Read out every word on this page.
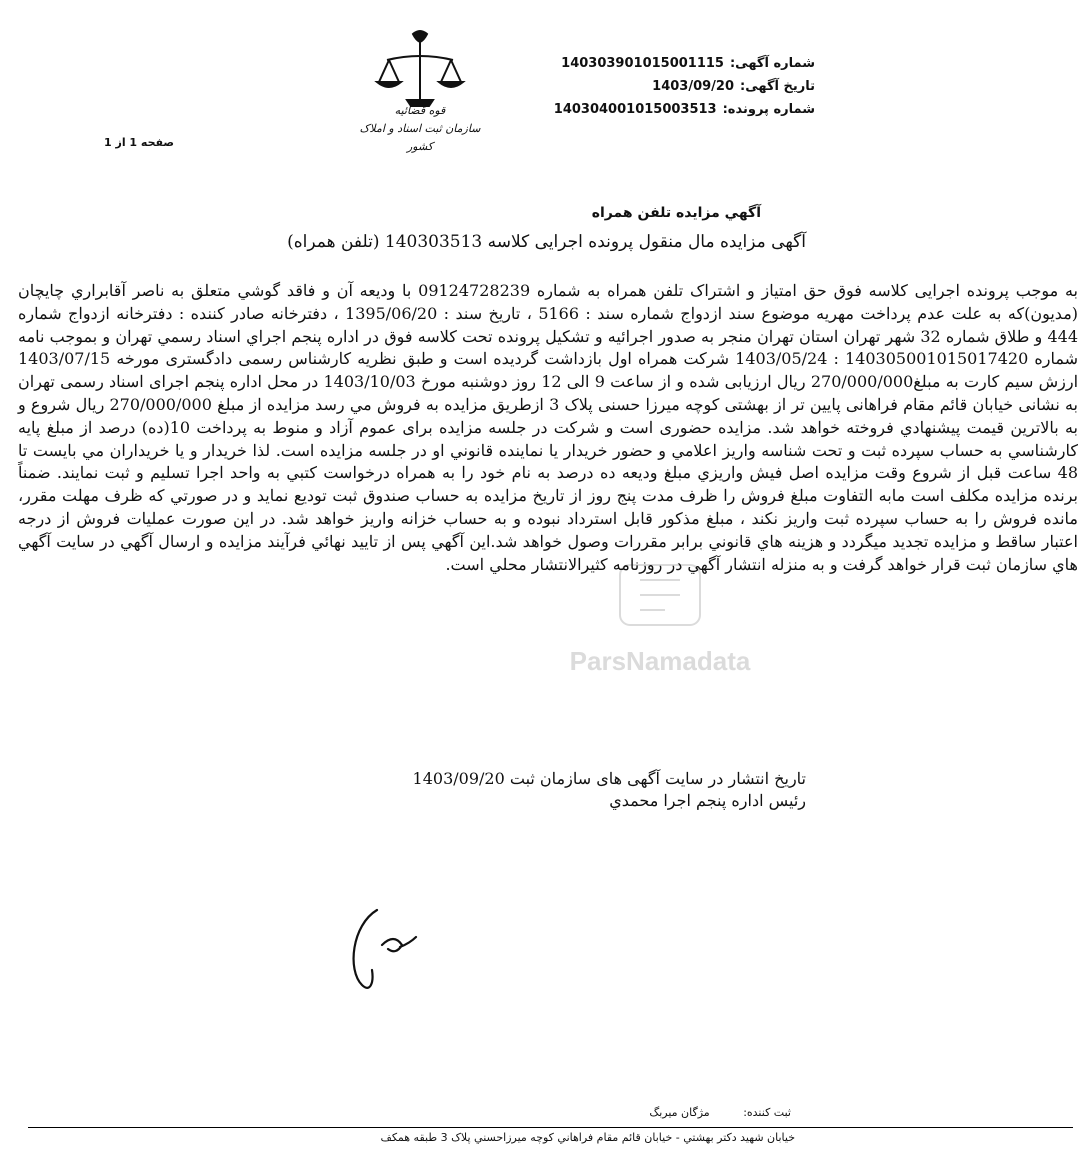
شماره آگهی:140303901015001115
تاریخ آگهی:1403/09/20
شماره پرونده:140304001015003513
قوه قضائیه
سازمان ثبت اسناد و املاک کشور
صفحه 1 از 1
آگهي مزايده تلفن همراه
آگهی مزایده مال منقول پرونده اجرایی کلاسه 140303513 (تلفن همراه)
ParsNamadata
به موجب پرونده اجرايی کلاسه فوق حق امتياز و اشتراک تلفن همراه به شماره 09124728239 با وديعه آن و فاقد گوشي متعلق به ناصر آقابراري چايچان (مديون)که به علت عدم پرداخت مهريه موضوع سند ازدواج شماره سند : 5166 ، تاريخ سند : 1395/06/20 ، دفترخانه صادر کننده : دفترخانه ازدواج شماره 444 و طلاق شماره 32 شهر تهران استان تهران منجر به صدور اجرائيه و تشکيل پرونده تحت کلاسه فوق در اداره پنجم اجراي اسناد رسمي تهران و بموجب نامه شماره 140305001015017420 : 1403/05/24 شرکت همراه اول بازداشت گرديده است و طبق نظريه کارشناس رسمی دادگستری مورخه 1403/07/15 ارزش سيم کارت به مبلغ270/000/000 ريال ارزيابی شده و از ساعت 9 الی 12 روز دوشنبه مورخ 1403/10/03 در محل اداره پنجم اجرای اسناد رسمی تهران به نشانی خيابان قائم مقام فراهانی پايين تر از بهشتی کوچه ميرزا حسنی پلاک 3 ازطريق مزايده به فروش مي رسد مزايده از مبلغ 270/000/000 ريال شروع و به بالاترين قيمت پيشنهادي فروخته خواهد شد. مزايده حضوری است و شرکت در جلسه مزايده برای عموم آزاد و منوط به پرداخت 10(ده) درصد از مبلغ پايه کارشناسي به حساب سپرده ثبت و تحت شناسه واريز اعلامي و حضور خريدار يا نماينده قانوني او در جلسه مزايده است. لذا خريدار و يا خريداران مي بايست تا 48 ساعت قبل از شروع وقت مزايده اصل فيش واريزي مبلغ وديعه ده درصد به نام خود را به همراه درخواست کتبي به واحد اجرا تسليم و ثبت نمايند. ضمناً برنده مزايده مکلف است مابه التفاوت مبلغ فروش را ظرف مدت پنج روز از تاريخ مزايده به حساب صندوق ثبت توديع نمايد و در صورتي که ظرف مهلت مقرر، مانده فروش را به حساب سپرده ثبت واريز نکند ، مبلغ مذکور قابل استرداد نبوده و به حساب خزانه واريز خواهد شد. در اين صورت عمليات فروش از درجه اعتبار ساقط و مزايده تجديد ميگردد و هزينه هاي قانوني برابر مقررات وصول خواهد شد.اين آگهي پس از تاييد نهائي فرآيند مزايده و ارسال آگهي در سايت آگهي هاي سازمان ثبت قرار خواهد گرفت و به منزله انتشار آگهي در روزنامه کثيرالانتشار محلي است.
تاریخ انتشار در سایت آگهی های سازمان ثبت 1403/09/20
رئيس اداره پنجم اجرا محمدي
ثبت کننده: مژگان ميربگ
خيابان شهيد دکتر بهشتي - خيابان قائم مقام فراهاني کوچه ميرزاحسني پلاک 3 طبقه همکف
